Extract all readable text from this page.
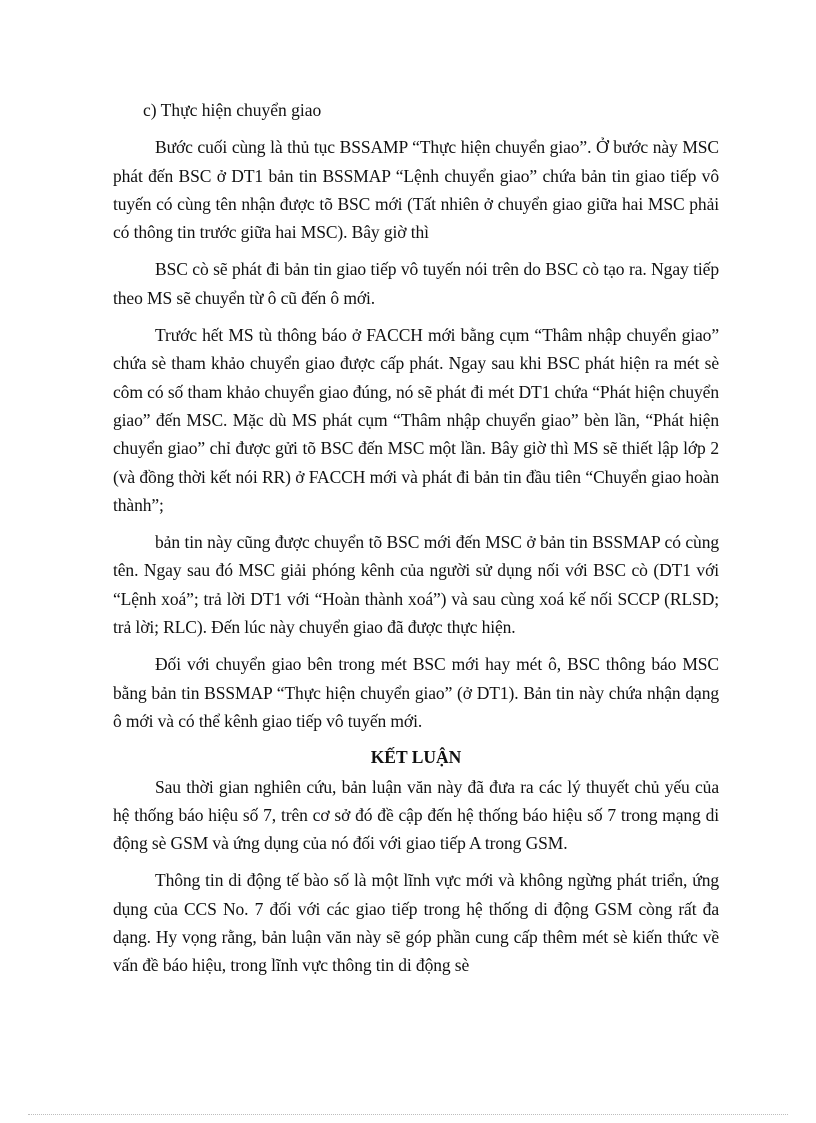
c) Thực hiện chuyển giao

Bước cuối cùng là thủ tục BSSAMP “Thực hiện chuyển giao”. Ở bước này MSC phát đến BSC ở DT1 bản tin BSSMAP “Lệnh chuyển giao” chứa bản tin giao tiếp vô tuyến có cùng tên nhận được tõ BSC mới (Tất nhiên ở chuyển giao giữa hai MSC phải có thông tin trước giữa hai MSC). Bây giờ thì

BSC cò sẽ phát đi bản tin giao tiếp vô tuyến nói trên do BSC cò tạo ra. Ngay tiếp theo MS sẽ chuyển từ ô cũ đến ô mới.

Trước hết MS tù thông báo ở FACCH mới bằng cụm “Thâm nhập chuyển giao” chứa sè tham khảo chuyển giao được cấp phát. Ngay sau khi BSC phát hiện ra mét sè côm có số tham khảo chuyển giao đúng, nó sẽ phát đi mét DT1 chứa “Phát hiện chuyển giao” đến MSC. Mặc dù MS phát cụm “Thâm nhập chuyển giao” bèn lần, “Phát hiện chuyển giao” chỉ được gửi tõ BSC đến MSC một lần. Bây giờ thì MS sẽ thiết lập lớp 2 (và đồng thời kết nói RR) ở FACCH mới và phát đi bản tin đầu tiên “Chuyển giao hoàn thành”;

bản tin này cũng được chuyển tõ BSC mới đến MSC ở bản tin BSSMAP có cùng tên. Ngay sau đó MSC giải phóng kênh của người sử dụng nối với BSC cò (DT1 với “Lệnh xoá”; trả lời DT1 với “Hoàn thành xoá”) và sau cùng xoá kế nối SCCP (RLSD; trả lời; RLC). Đến lúc này chuyển giao đã được thực hiện.

Đối với chuyển giao bên trong mét BSC mới hay mét ô, BSC thông báo MSC bằng bản tin BSSMAP “Thực hiện chuyển giao” (ở DT1). Bản tin này chứa nhận dạng ô mới và có thể kênh giao tiếp vô tuyến mới.

KẾT LUẬN

Sau thời gian nghiên cứu, bản luận văn này đã đưa ra các lý thuyết chủ yếu của hệ thống báo hiệu số 7, trên cơ sở đó đề cập đến hệ thống báo hiệu số 7 trong mạng di động sè GSM và ứng dụng của nó đối với giao tiếp A trong GSM.

Thông tin di động tế bào số là một lĩnh vực mới và không ngừng phát triển, ứng dụng của CCS No. 7 đối với các giao tiếp trong hệ thống di động GSM còng rất đa dạng. Hy vọng rằng, bản luận văn này sẽ góp phần cung cấp thêm mét sè kiến thức về vấn đề báo hiệu, trong lĩnh vực thông tin di động sè
